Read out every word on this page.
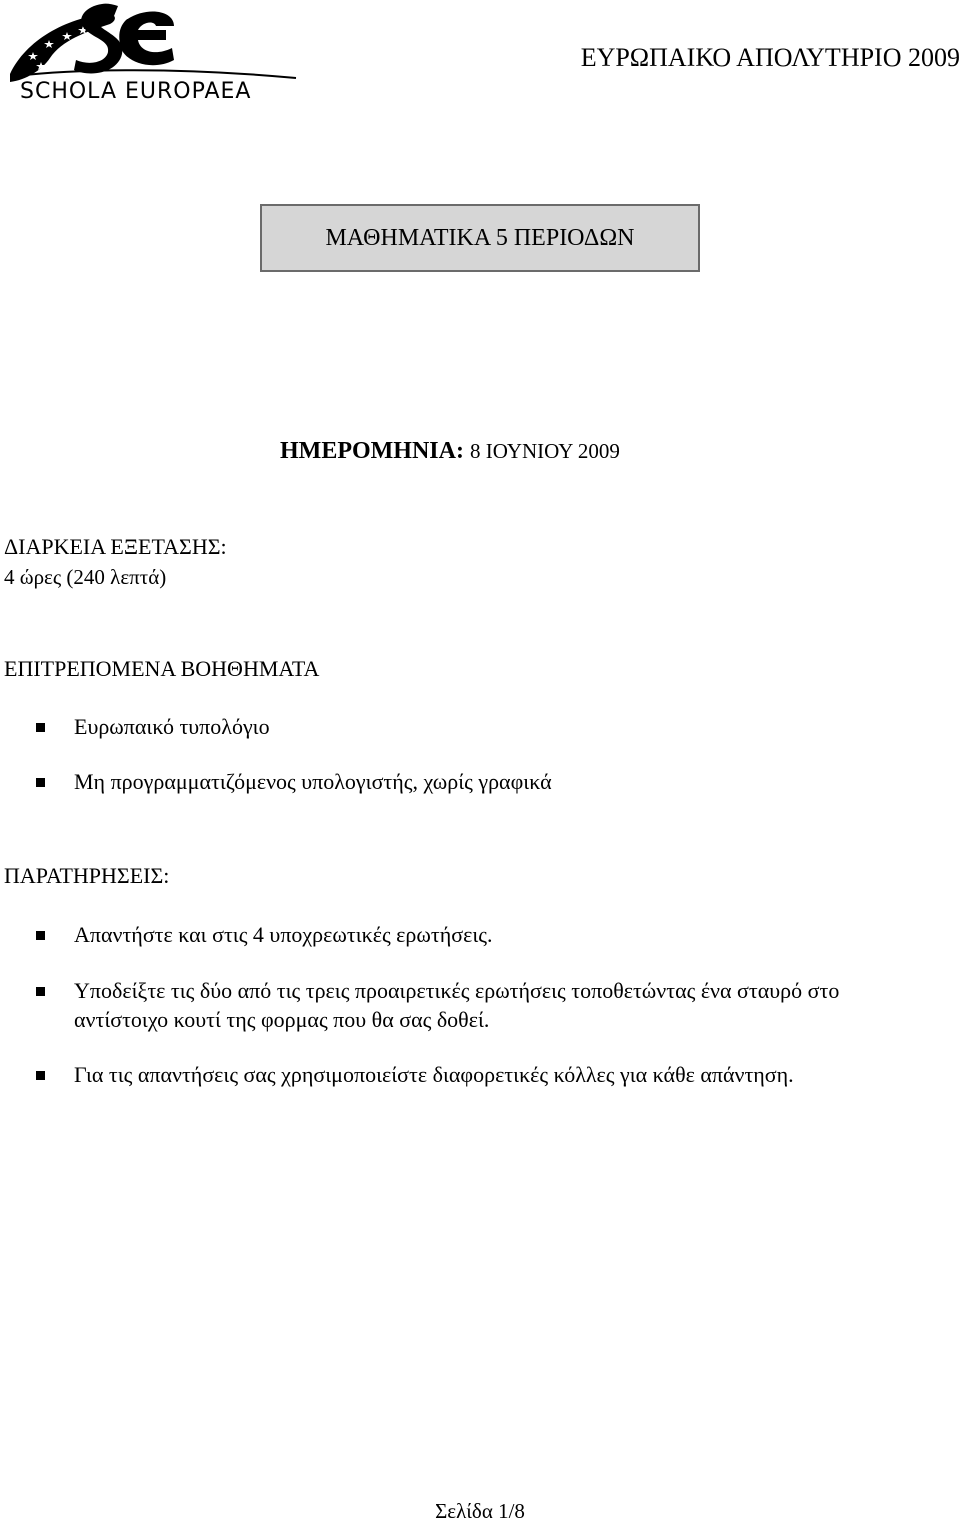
SCHOLA EUROPAEA
ΕΥΡΩΠΑΙΚΟ ΑΠΟΛΥΤΗΡΙΟ 2009
ΜΑΘΗΜΑΤΙΚΑ 5 ΠΕΡΙΟΔΩΝ
ΗΜΕΡΟΜΗΝΙΑ: 8 ΙΟΥΝΙΟΥ 2009
ΔΙΑΡΚΕΙΑ ΕΞΕΤΑΣΗΣ:
4 ώρες (240 λεπτά)
ΕΠΙΤΡΕΠΟΜΕΝΑ ΒΟΗΘΗΜΑΤΑ
Ευρωπαικό τυπολόγιο
Μη προγραμματιζόμενος υπολογιστής, χωρίς γραφικά
ΠΑΡΑΤΗΡΗΣΕΙΣ:
Απαντήστε και στις 4 υποχρεωτικές ερωτήσεις.
Υποδείξτε τις δύο από τις τρεις προαιρετικές ερωτήσεις τοποθετώντας ένα σταυρό στο
αντίστοιχο κουτί της φορμας που θα σας δοθεί.
Για τις απαντήσεις σας χρησιμοποιείστε διαφορετικές κόλλες για κάθε απάντηση.
Σελίδα 1/8
